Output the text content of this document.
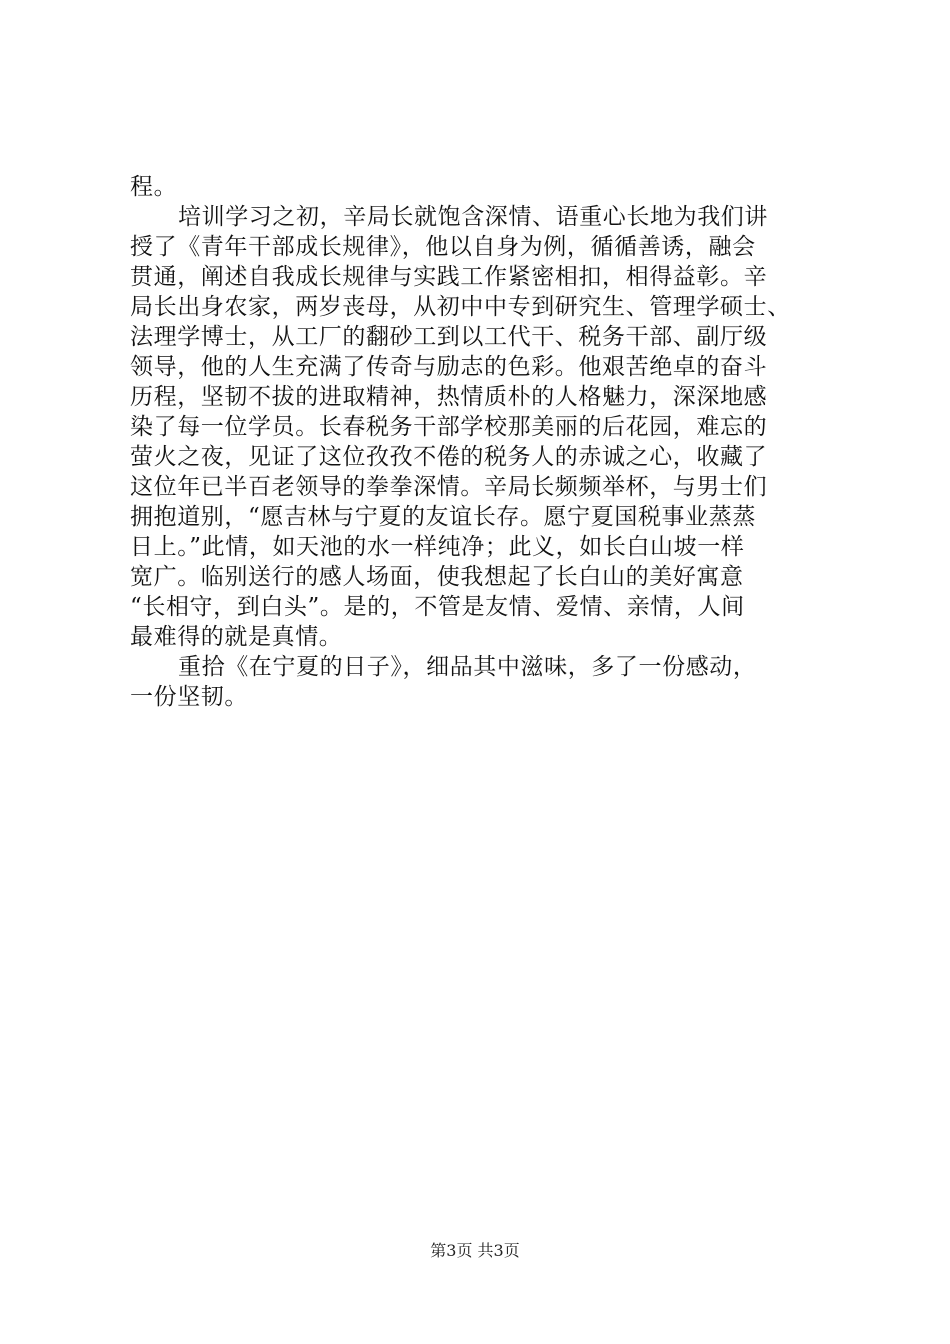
程。
培训学习之初，辛局长就饱含深情、语重心长地为我们讲
授了《青年干部成长规律》，他以自身为例，循循善诱，融会
贯通，阐述自我成长规律与实践工作紧密相扣，相得益彰。辛
局长出身农家，两岁丧母，从初中中专到研究生、管理学硕士、
法理学博士，从工厂的翻砂工到以工代干、税务干部、副厅级
领导，他的人生充满了传奇与励志的色彩。他艰苦绝卓的奋斗
历程，坚韧不拔的进取精神，热情质朴的人格魅力，深深地感
染了每一位学员。长春税务干部学校那美丽的后花园，难忘的
萤火之夜，见证了这位孜孜不倦的税务人的赤诚之心，收藏了
这位年已半百老领导的拳拳深情。辛局长频频举杯，与男士们
拥抱道别，“愿吉林与宁夏的友谊长存。愿宁夏国税事业蒸蒸
日上。”此情，如天池的水一样纯净；此义，如长白山坡一样
宽广。临别送行的感人场面，使我想起了长白山的美好寓意
“长相守，到白头”。是的，不管是友情、爱情、亲情，人间
最难得的就是真情。
重拾《在宁夏的日子》，细品其中滋味，多了一份感动，
一份坚韧。
第3页 共3页
